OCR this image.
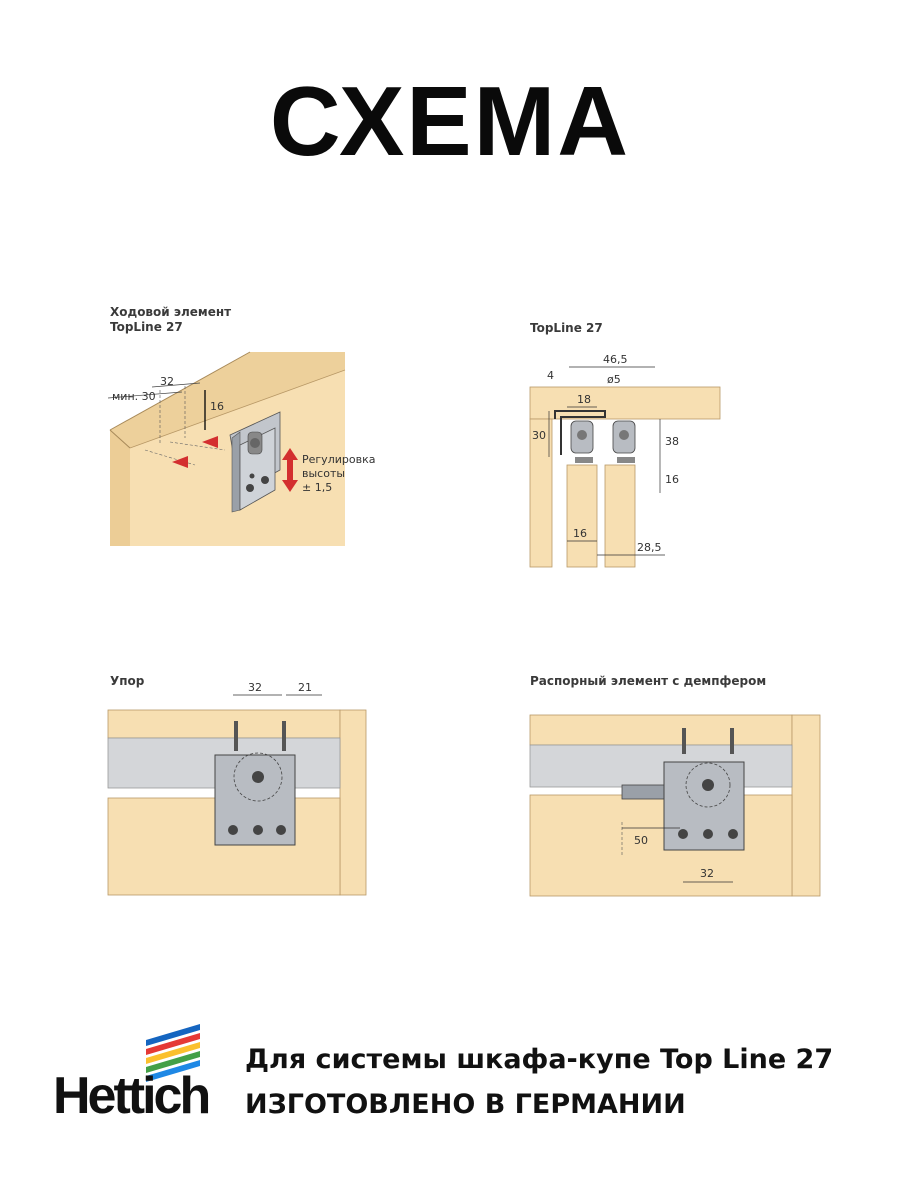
СХЕМА
Ходовой элемент
TopLine 27
мин. 30
32
16
Регулировка
высоты
± 1,5
TopLine 27
46,5
4	ø5
18
30	38
16
16
28,5
Упор	32	21	Распорный элемент с демпфером
50
32
Hettich
Для системы шкафа-купе Top Line 27
ИЗГОТОВЛЕНО В ГЕРМАНИИ
